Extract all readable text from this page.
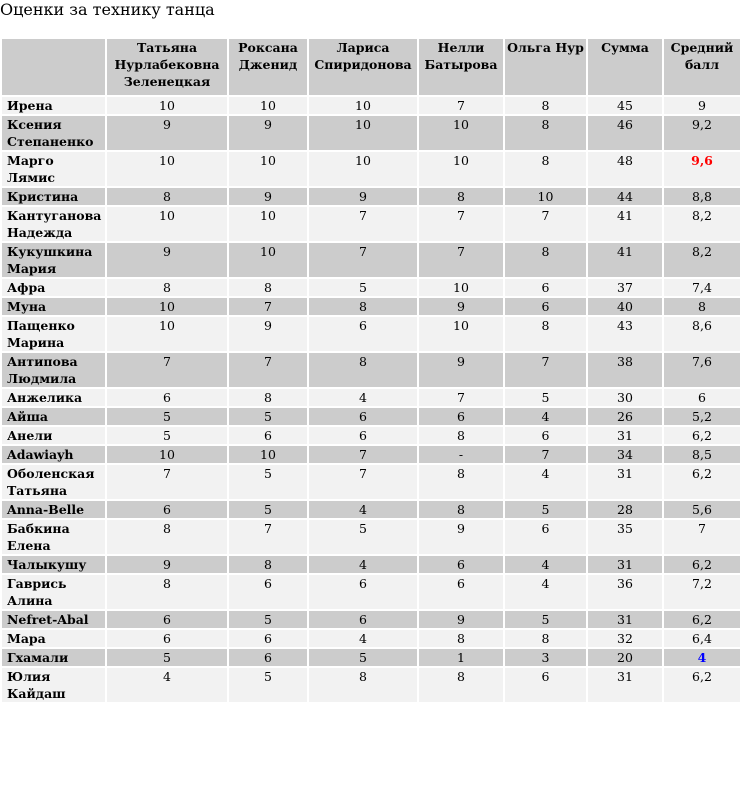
Оценки за технику танца
	Татьяна Нурлабековна Зеленецкая	Роксана Дженид	Лариса Спиридонова	Нелли Батырова	Ольга Нур	Сумма	Средний балл
Ирена	10	10	10	7	8	45	9
Ксения Степаненко	9	9	10	10	8	46	9,2
Марго Лямис	10	10	10	10	8	48	9,6
Кристина	8	9	9	8	10	44	8,8
Кантуганова Надежда	10	10	7	7	7	41	8,2
Кукушкина Мария	9	10	7	7	8	41	8,2
Афра	8	8	5	10	6	37	7,4
Муна	10	7	8	9	6	40	8
Пащенко Марина	10	9	6	10	8	43	8,6
Антипова Людмила	7	7	8	9	7	38	7,6
Анжелика	6	8	4	7	5	30	6
Айша	5	5	6	6	4	26	5,2
Анели	5	6	6	8	6	31	6,2
Adawiayh	10	10	7	-	7	34	8,5
Оболенская Татьяна	7	5	7	8	4	31	6,2
Anna-Belle	6	5	4	8	5	28	5,6
Бабкина Елена	8	7	5	9	6	35	7
Чалыкушу	9	8	4	6	4	31	6,2
Гаврись Алина	8	6	6	6	4	36	7,2
Nefret-Abal	6	5	6	9	5	31	6,2
Мара	6	6	4	8	8	32	6,4
Гхамали	5	6	5	1	3	20	4
Юлия Кайдаш	4	5	8	8	6	31	6,2
